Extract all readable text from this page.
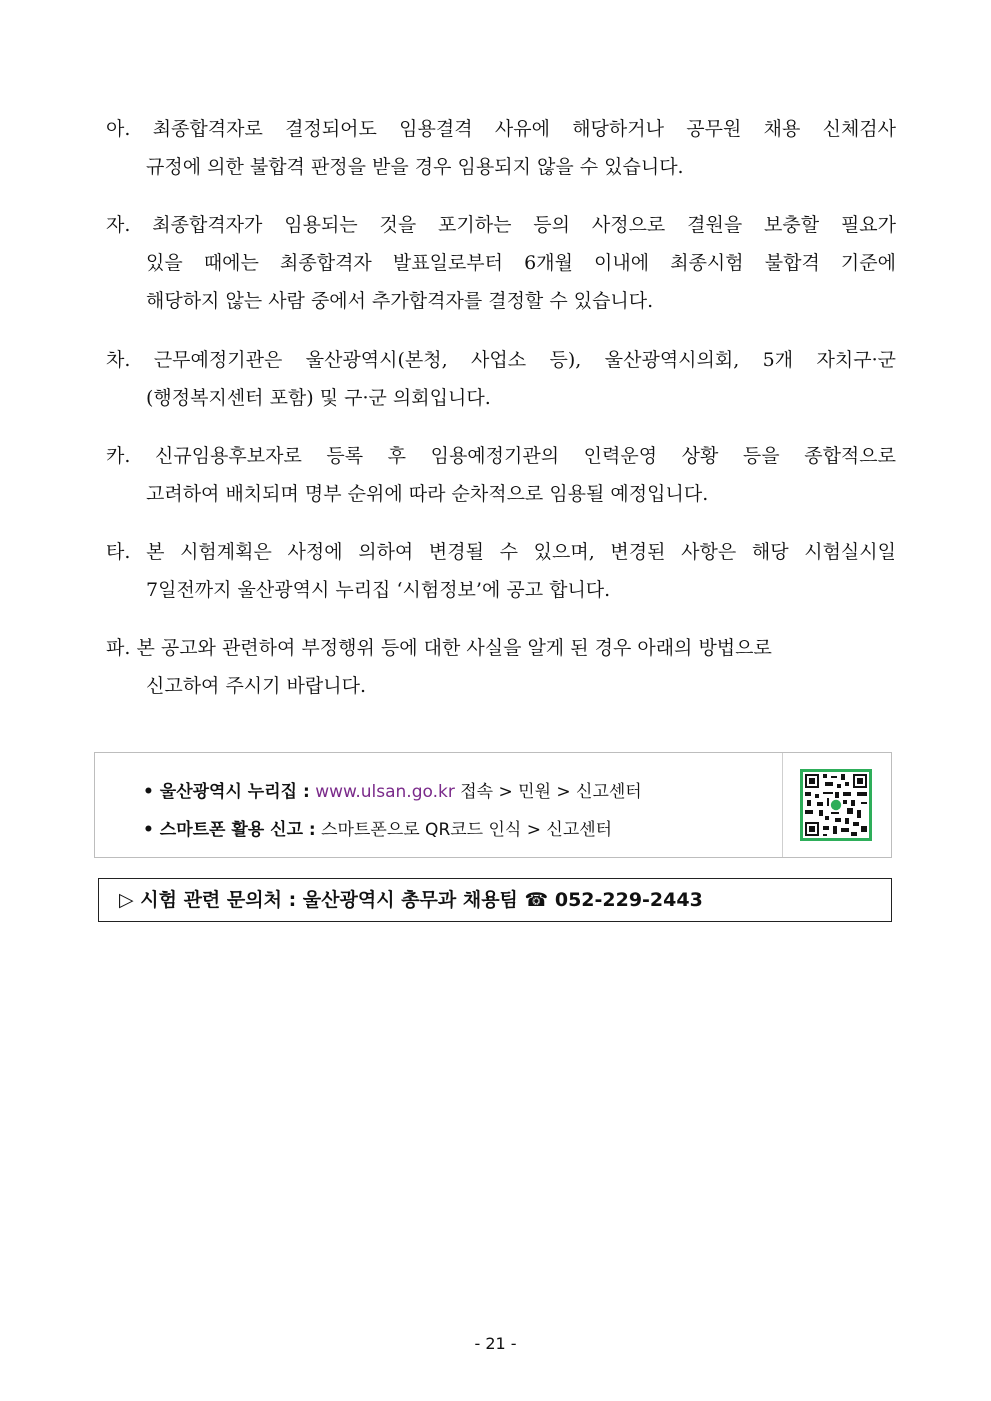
아. 최종합격자로 결정되어도 임용결격 사유에 해당하거나 공무원 채용 신체검사
규정에 의한 불합격 판정을 받을 경우 임용되지 않을 수 있습니다.
자. 최종합격자가 임용되는 것을 포기하는 등의 사정으로 결원을 보충할 필요가
있을 때에는 최종합격자 발표일로부터 6개월 이내에 최종시험 불합격 기준에
해당하지 않는 사람 중에서 추가합격자를 결정할 수 있습니다.
차. 근무예정기관은 울산광역시(본청, 사업소 등), 울산광역시의회, 5개 자치구·군
(행정복지센터 포함) 및 구·군 의회입니다.
카. 신규임용후보자로 등록 후 임용예정기관의 인력운영 상황 등을 종합적으로
고려하여 배치되며 명부 순위에 따라 순차적으로 임용될 예정입니다.
타. 본 시험계획은 사정에 의하여 변경될 수 있으며, 변경된 사항은 해당 시험실시일
7일전까지 울산광역시 누리집 ‘시험정보’에 공고 합니다.
파. 본 공고와 관련하여 부정행위 등에 대한 사실을 알게 된 경우 아래의 방법으로
신고하여 주시기 바랍니다.
• 울산광역시 누리집 : www.ulsan.go.kr 접속 > 민원 > 신고센터
• 스마트폰 활용 신고 : 스마트폰으로 QR코드 인식 > 신고센터
▷ 시험 관련 문의처 : 울산광역시 총무과 채용팀 ☎ 052-229-2443
- 21 -
